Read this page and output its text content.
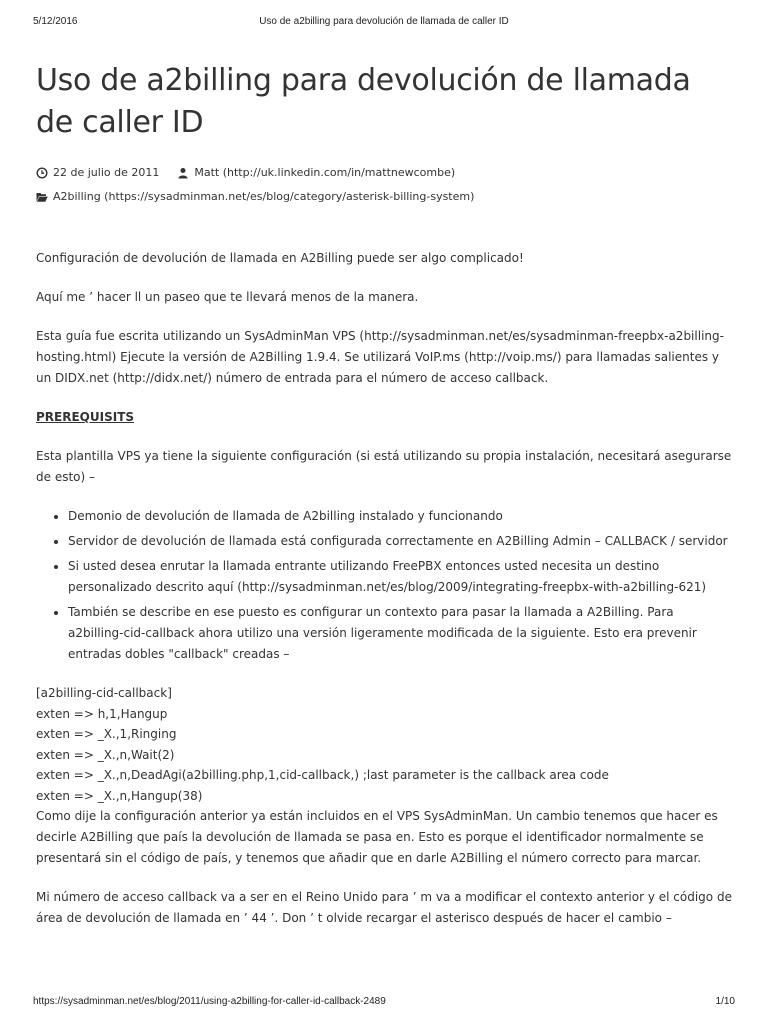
5/12/2016	Uso de a2billing para devolución de llamada de caller ID
Uso de a2billing para devolución de llamada de caller ID
22 de julio de 2011	Matt (http://uk.linkedin.com/in/mattnewcombe)
A2billing (https://sysadminman.net/es/blog/category/asterisk-billing-system)

Configuración de devolución de llamada en A2Billing puede ser algo complicado!

Aquí me ’ hacer ll un paseo que te llevará menos de la manera.

Esta guía fue escrita utilizando un SysAdminMan VPS (http://sysadminman.net/es/sysadminman-freepbx-a2billing-hosting.html) Ejecute la versión de A2Billing 1.9.4. Se utilizará VoIP.ms (http://voip.ms/) para llamadas salientes y un DIDX.net (http://didx.net/) número de entrada para el número de acceso callback.

PREREQUISITS

Esta plantilla VPS ya tiene la siguiente configuración (si está utilizando su propia instalación, necesitará asegurarse de esto) –

• Demonio de devolución de llamada de A2billing instalado y funcionando
• Servidor de devolución de llamada está configurada correctamente en A2Billing Admin – CALLBACK / servidor
• Si usted desea enrutar la llamada entrante utilizando FreePBX entonces usted necesita un destino personalizado descrito aquí (http://sysadminman.net/es/blog/2009/integrating-freepbx-with-a2billing-621)
• También se describe en ese puesto es configurar un contexto para pasar la llamada a A2Billing. Para a2billing-cid-callback ahora utilizo una versión ligeramente modificada de la siguiente. Esto era prevenir entradas dobles "callback" creadas –
[a2billing-cid-callback]
exten => h,1,Hangup
exten => _X.,1,Ringing
exten => _X.,n,Wait(2)
exten => _X.,n,DeadAgi(a2billing.php,1,cid-callback,) ;last parameter is the callback area code
exten => _X.,n,Hangup(38)

Como dije la configuración anterior ya están incluidos en el VPS SysAdminMan. Un cambio tenemos que hacer es decirle A2Billing que país la devolución de llamada se pasa en. Esto es porque el identificador normalmente se presentará sin el código de país, y tenemos que añadir que en darle A2Billing el número correcto para marcar.

Mi número de acceso callback va a ser en el Reino Unido para ’ m va a modificar el contexto anterior y el código de área de devolución de llamada en ’ 44 ’. Don ’ t olvide recargar el asterisco después de hacer el cambio –

https://sysadminman.net/es/blog/2011/using-a2billing-for-caller-id-callback-2489	1/10
